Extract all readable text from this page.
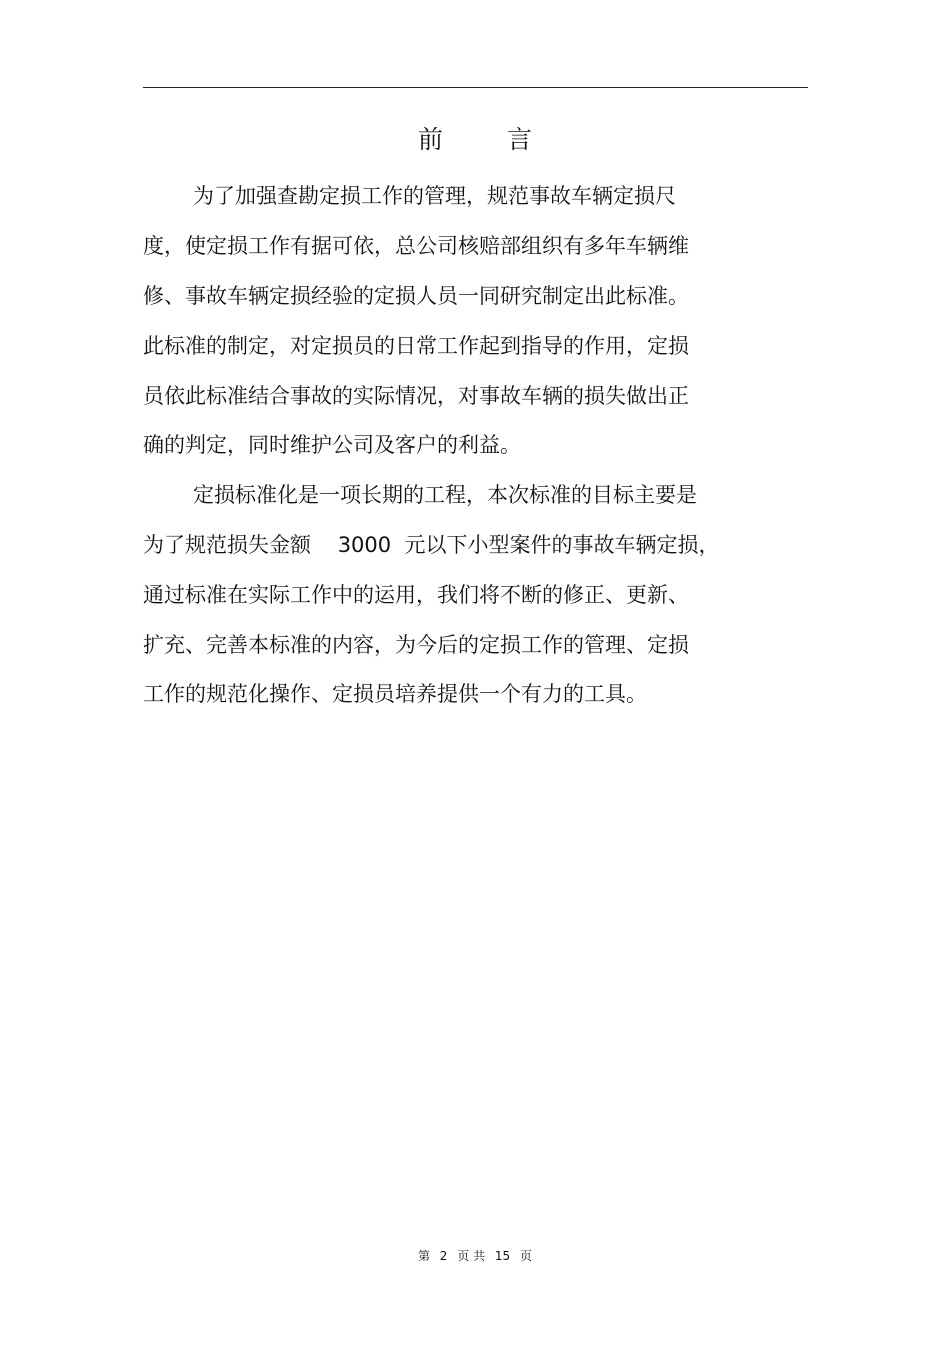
前 言
为了加强查勘定损工作的管理，规范事故车辆定损尺
度，使定损工作有据可依，总公司核赔部组织有多年车辆维
修、事故车辆定损经验的定损人员一同研究制定出此标准。
此标准的制定，对定损员的日常工作起到指导的作用，定损
员依此标准结合事故的实际情况，对事故车辆的损失做出正
确的判定，同时维护公司及客户的利益。
定损标准化是一项长期的工程，本次标准的目标主要是
为了规范损失金额    3000  元以下小型案件的事故车辆定损，
通过标准在实际工作中的运用，我们将不断的修正、更新、
扩充、完善本标准的内容，为今后的定损工作的管理、定损
工作的规范化操作、定损员培养提供一个有力的工具。
第 2 页 共 15 页
